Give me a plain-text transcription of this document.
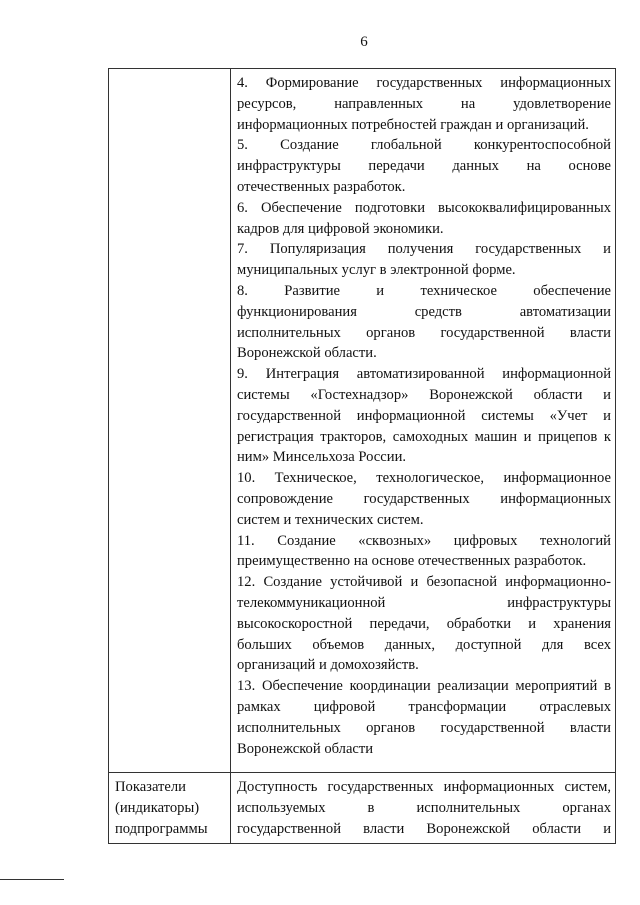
6

4. Формирование государственных информационных

ресурсов, направленных на удовлетворение

информационных потребностей граждан и организаций.

5. Создание глобальной конкурентоспособной

инфраструктуры передачи данных на основе

отечественных разработок.

6. Обеспечение подготовки высококвалифицированных

кадров для цифровой экономики.

7. Популяризация получения государственных и

муниципальных услуг в электронной форме.

8. Развитие и техническое обеспечение

функционирования средств автоматизации

исполнительных органов государственной власти

Воронежской области.

9. Интеграция автоматизированной информационной

системы «Гостехнадзор» Воронежской области и

государственной информационной системы «Учет и

регистрация тракторов, самоходных машин и прицепов к

ним» Минсельхоза России.

10. Техническое, технологическое, информационное

сопровождение государственных информационных

систем и технических систем.

11. Создание «сквозных» цифровых технологий

преимущественно на основе отечественных разработок.

12. Создание устойчивой и безопасной информационно-

телекоммуникационной инфраструктуры

высокоскоростной передачи, обработки и хранения

больших объемов данных, доступной для всех

организаций и домохозяйств.

13. Обеспечение координации реализации мероприятий в

рамках цифровой трансформации отраслевых

исполнительных органов государственной власти

Воронежской области

Показатели
(индикаторы)
подпрограммы

Доступность государственных информационных систем,

используемых в исполнительных органах

государственной власти Воронежской области и
